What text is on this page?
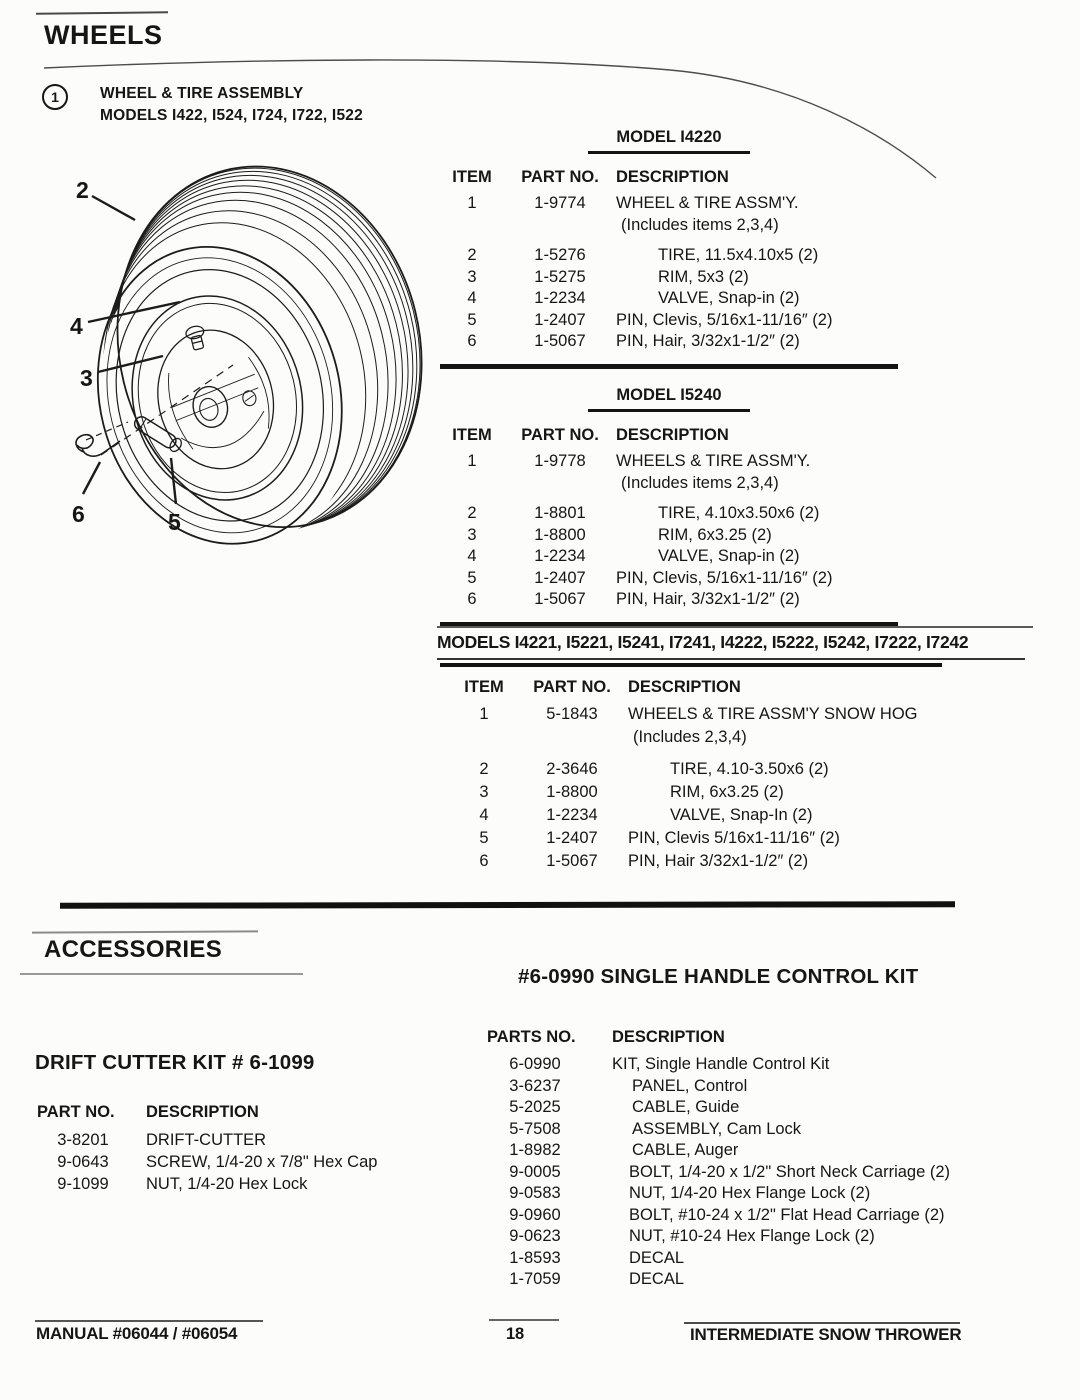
WHEELS
1	WHEEL & TIRE ASSEMBLY
MODELS I422, I524, I724, I722, I522
2
4
3
6	5
MODEL I4220
ITEM	PART NO.	DESCRIPTION
1	1-9774	WHEEL & TIRE ASSM'Y.
(Includes items 2,3,4)
2	1-5276	TIRE, 11.5x4.10x5 (2)
3	1-5275	RIM, 5x3 (2)
4	1-2234	VALVE, Snap-in (2)
5	1-2407	PIN, Clevis, 5/16x1-11/16″ (2)
6	1-5067	PIN, Hair, 3/32x1-1/2″ (2)
MODEL I5240
ITEM	PART NO.	DESCRIPTION
1	1-9778	WHEELS & TIRE ASSM'Y.
(Includes items 2,3,4)
2	1-8801	TIRE, 4.10x3.50x6 (2)
3	1-8800	RIM, 6x3.25 (2)
4	1-2234	VALVE, Snap-in (2)
5	1-2407	PIN, Clevis, 5/16x1-11/16″ (2)
6	1-5067	PIN, Hair, 3/32x1-1/2″ (2)
MODELS I4221, I5221, I5241, I7241, I4222, I5222, I5242, I7222, I7242
ITEM	PART NO.	DESCRIPTION
1	5-1843	WHEELS & TIRE ASSM'Y SNOW HOG
(Includes 2,3,4)
2	2-3646	TIRE, 4.10-3.50x6 (2)
3	1-8800	RIM, 6x3.25 (2)
4	1-2234	VALVE, Snap-In (2)
5	1-2407	PIN, Clevis 5/16x1-11/16″ (2)
6	1-5067	PIN, Hair 3/32x1-1/2″ (2)
ACCESSORIES
#6-0990 SINGLE HANDLE CONTROL KIT
DRIFT CUTTER KIT # 6-1099
PART NO.	DESCRIPTION
3-8201	DRIFT-CUTTER
9-0643	SCREW, 1/4-20 x 7/8" Hex Cap
9-1099	NUT, 1/4-20 Hex Lock
PARTS NO.	DESCRIPTION
6-0990	KIT, Single Handle Control Kit
3-6237	PANEL, Control
5-2025	CABLE, Guide
5-7508	ASSEMBLY, Cam Lock
1-8982	CABLE, Auger
9-0005	BOLT, 1/4-20 x 1/2" Short Neck Carriage (2)
9-0583	NUT, 1/4-20 Hex Flange Lock (2)
9-0960	BOLT, #10-24 x 1/2" Flat Head Carriage (2)
9-0623	NUT, #10-24 Hex Flange Lock (2)
1-8593	DECAL
1-7059	DECAL
MANUAL #06044 / #06054	18	INTERMEDIATE SNOW THROWER
